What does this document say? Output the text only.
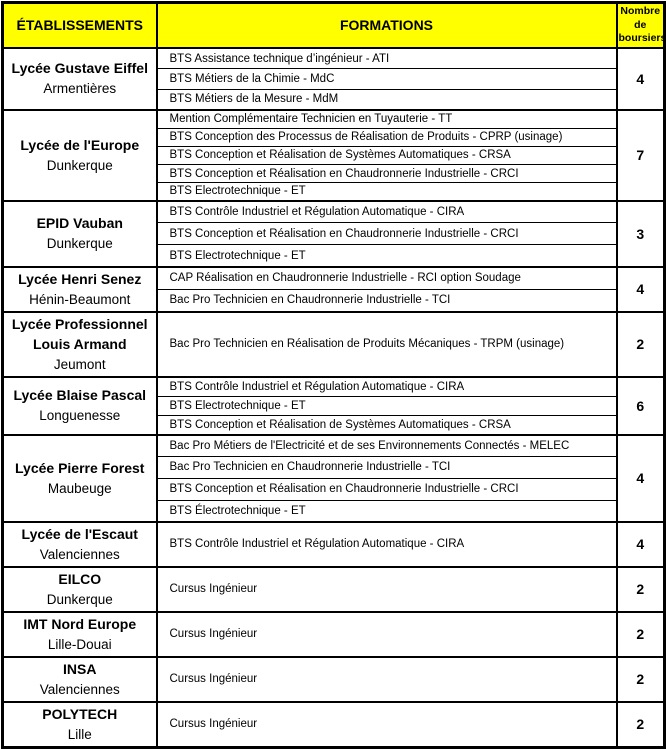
ÉTABLISSEMENTS	FORMATIONS	Nombre de boursiers

Lycée Gustave Eiffel
Armentières	BTS Assistance technique d’ingénieur - ATI	4
	BTS Métiers de la Chimie - MdC	
	BTS Métiers de la Mesure - MdM	

Lycée de l'Europe
Dunkerque	Mention Complémentaire Technicien en Tuyauterie - TT	7
	BTS Conception des Processus de Réalisation de Produits - CPRP (usinage)	
	BTS Conception et Réalisation de Systèmes Automatiques - CRSA	
	BTS Conception et Réalisation en Chaudronnerie Industrielle - CRCI	
	BTS Electrotechnique - ET	

EPID Vauban
Dunkerque	BTS Contrôle Industriel et Régulation Automatique - CIRA	3
	BTS Conception et Réalisation en Chaudronnerie Industrielle - CRCI	
	BTS Electrotechnique - ET	

Lycée Henri Senez
Hénin-Beaumont	CAP Réalisation en Chaudronnerie Industrielle - RCI option Soudage	4
	Bac Pro Technicien en Chaudronnerie Industrielle - TCI	

Lycée Professionnel Louis Armand
Jeumont	Bac Pro Technicien en Réalisation de Produits Mécaniques - TRPM (usinage)	2

Lycée Blaise Pascal
Longuenesse	BTS Contrôle Industriel et Régulation Automatique - CIRA	6
	BTS Electrotechnique - ET	
	BTS Conception et Réalisation de Systèmes Automatiques - CRSA	

Lycée Pierre Forest
Maubeuge	Bac Pro Métiers de l'Electricité et de ses Environnements Connectés - MELEC	4
	Bac Pro Technicien en Chaudronnerie Industrielle - TCI	
	BTS Conception et Réalisation en Chaudronnerie Industrielle - CRCI	
	BTS Électrotechnique - ET	

Lycée de l'Escaut
Valenciennes	BTS Contrôle Industriel et Régulation Automatique - CIRA	4

EILCO
Dunkerque	Cursus Ingénieur	2

IMT Nord Europe
Lille-Douai	Cursus Ingénieur	2

INSA
Valenciennes	Cursus Ingénieur	2

POLYTECH
Lille	Cursus Ingénieur	2
